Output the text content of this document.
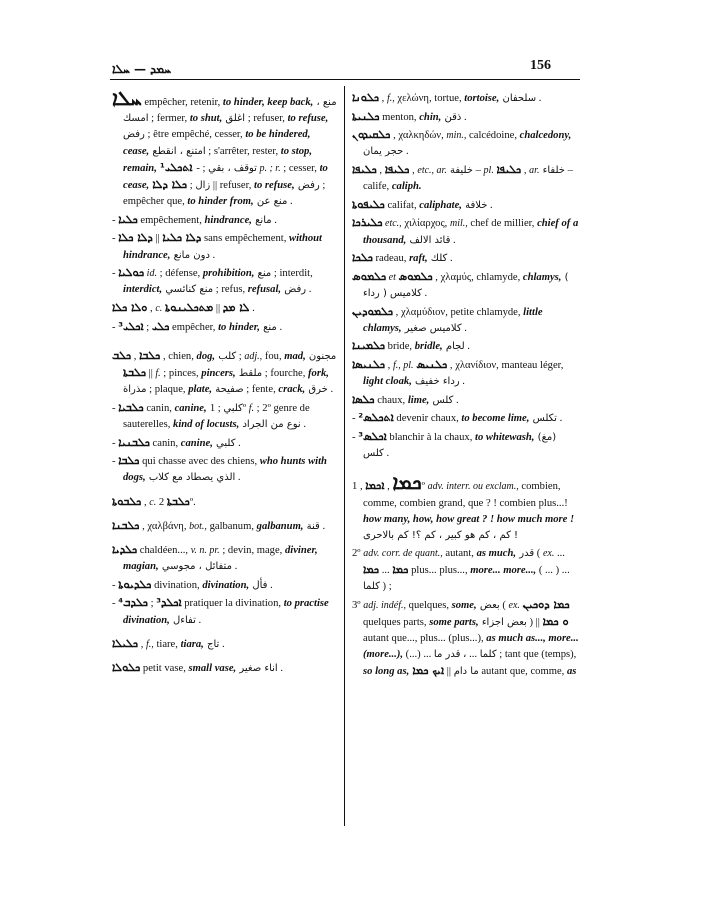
ܚܡܕ — ܚܠܐ	156

ܚܠܐ empêcher, retenir, to hinder, keep back, منع ، امسك ; fermer, to shut, اغلق ; refuser, to refuse, رفض ; être empêché, cesser, to be hindered, cease, امتنع ، انقطع ; s'arrêter, rester, to stop, remain, توقف ، بقي ; - ܐܬܟܠܝ¹	p. ; r. ; cesser, to cease, زال ; ܟܠܐ ܕܠܐ || refuser, to refuse, رفض ; empêcher que, to hinder from, منع عن .

- ܟܠܝܐ empêchement, hindrance, مانع .

-	ܕܠܐ ܟܠܝܐ || ܕܠܐ ܟܠܐ	sans empêchement, without hindrance, دون مانع .

- ܟܘܠܝܐ id. ; défense, prohibition, منع ; interdit, interdict, منع كنائسي ; refus, refusal, رفض .

ܘܠܐ ܟܠܐ , c.	ܠܐ ܡܕ || ܡܬܟܠܝܢܘܬܐ	.

-	ܟܠܝ ; ܐܟܠܝ³ empêcher, to hinder, منع .

ܟܠܒܐ , ܟܠܒ	, chien, dog, كلب ; adj., fou, mad, مجنون || ܟܠܒܬܐ f. ; pinces, pincers, ملقط ; fourche, fork, مذراة ; plaque, plate, صفيحة ; fente, crack, خرق .

- ܟܠܒܝܐ canin, canine, كلبي ; 1º f. ; 2º genre de sauterelles, kind of locusts, نوع من الجراد .

- ܟܠܒܢܝܐ canin, canine, كلبي .

- ܟܠܒܐ qui chasse avec des chiens, who hunts with dogs, الذي يصطاد مع كلاب .

ܟܠܒܘܬܐ , c. ܟܠܒܬܐ 2º.

ܟܠܒܢܐ , χαλβάνη, bot., galbanum, galbanum, قنة .

ܟܠܕܝܐ chaldéen..., v. n. pr. ; devin, mage, diviner, magian, متفائل ، مجوسي .

- ܟܠܕܝܘܬܐ divination, divination, فأل .

-	ܐܟܠܕ³ ; ܟܠܕܒ⁴	pratiquer la divination, to practise divination, تفاءل .

ܟܠܝܠܐ , f., tiare, tiara, تاج .

ܟܠܘܠܐ petit vase, small vase, اناء صغير .

ܟܠܘܢܐ , f., χελώνη, tortue, tortoise, سلحفان .

ܟܠܢܝܬܐ menton, chin, ذقن .

ܟܠܩܝܕܘܢ , χαλκηδών, min., calcédoine, chalcedony, حجر يمان .

ܟܠܝܦܐ , ܟܠܝܦܐ	, etc., ar. خليفة – pl. ܟܠܝܦܐ , ar. خلفاء – calife, caliph.

ܟܠܝܦܘܬܐ califat, caliphate, خلافة .

ܟܠܝܪܟܐ etc., χιλίαρχος, mil., chef de millier, chief of a thousand, قائد الالف .

ܟܠܟܐ radeau, raft, كلك .

ܟܠܡܘܣ et ܟܠܡܘܣ , χλαμύς, chlamyde, chlamys, ( رداء ) كلاميس .

ܟܠܡܘܕܝܢ , χλαμύδιον, petite chlamyde, little chlamys, كلاميس صغير .

ܟܠܡܝܢܐ bride, bridle, لجام .

ܟܠܢܝܣܐ , f., pl. ܟܠܢܝܣ , χλανίδιον, manteau léger, light cloak, رداء خفيف .

ܟܠܣܐ chaux, lime, كلس .

- ܐܬܟܠܣ² devenir chaux, to become lime, تكلس .

- ܐܟܠܣ³ blanchir à la chaux, to whitewash, (مغ) كلس .

ܟܡܐ , ܐܟܡܐ , 1º adv. interr. ou exclam., combien, comme, combien grand, que ? ! combien plus...! how many, how, how great ? ! how much more ! كم ، كم هو كبير ، كم ؟! كم بالاحرى !

2º adv. corr. de quant., autant, as much, قدر ( ex. ... ܟܡܐ ... ܟܡܐ	plus... plus..., more... more..., ( ... ) ... كلما ) ;

3º adj. indéf., quelques, some, بعض ( ex. ܟܡܐ ܕܘܟܝܢ quelques parts, some parts, بعض اجزاء ) || ܘ ܟܡܐ autant que..., plus... (plus...), as much as..., more... (more...), (...) ...	كلما ... ، قدر ما	; tant que (temps), so long as, ما دام || ܐܝܟ ܟܡܐ	autant que, comme, as
